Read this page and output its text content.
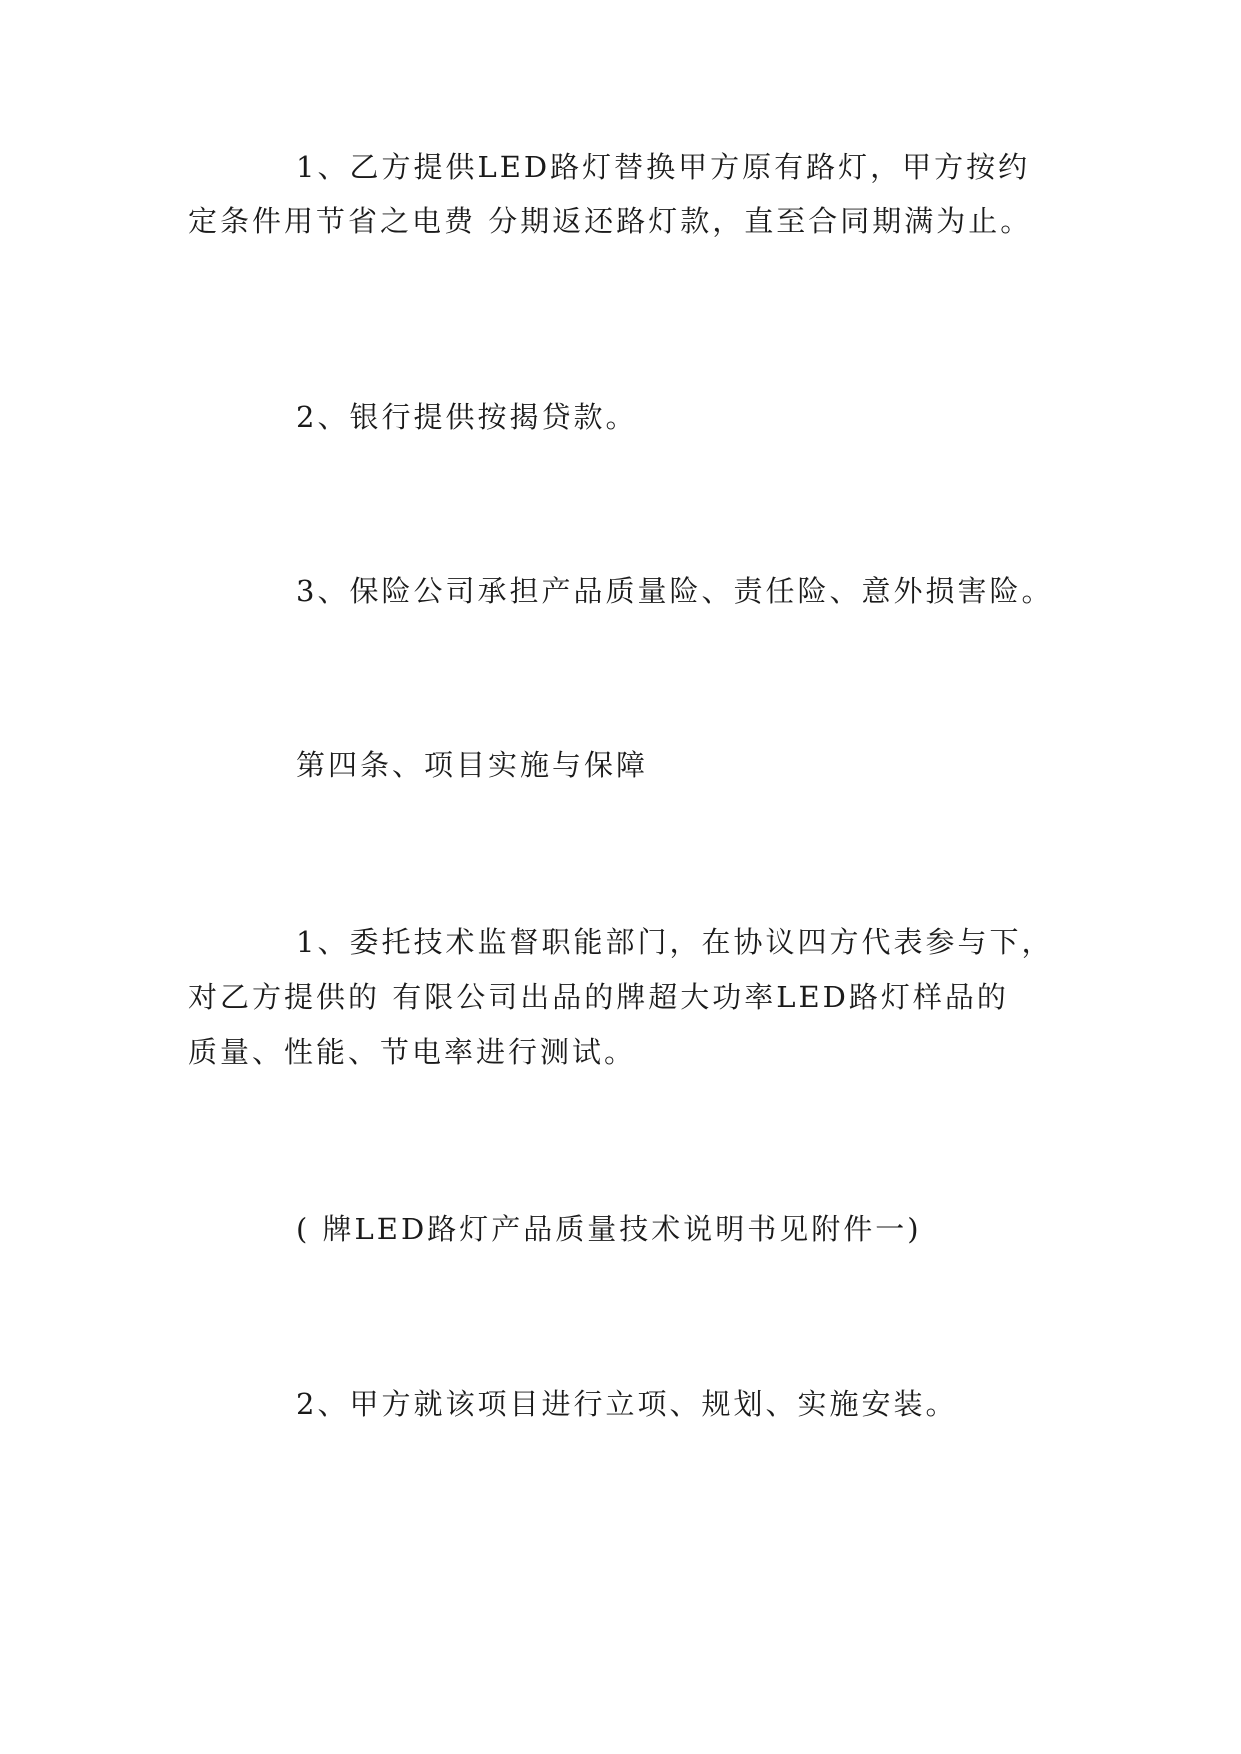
1、乙方提供LED路灯替换甲方原有路灯，甲方按约
定条件用节省之电费 分期返还路灯款，直至合同期满为止。
2、银行提供按揭贷款。
3、保险公司承担产品质量险、责任险、意外损害险。
第四条、项目实施与保障
1、委托技术监督职能部门，在协议四方代表参与下，
对乙方提供的 有限公司出品的牌超大功率LED路灯样品的
质量、性能、节电率进行测试。
( 牌LED路灯产品质量技术说明书见附件一)
2、甲方就该项目进行立项、规划、实施安装。
